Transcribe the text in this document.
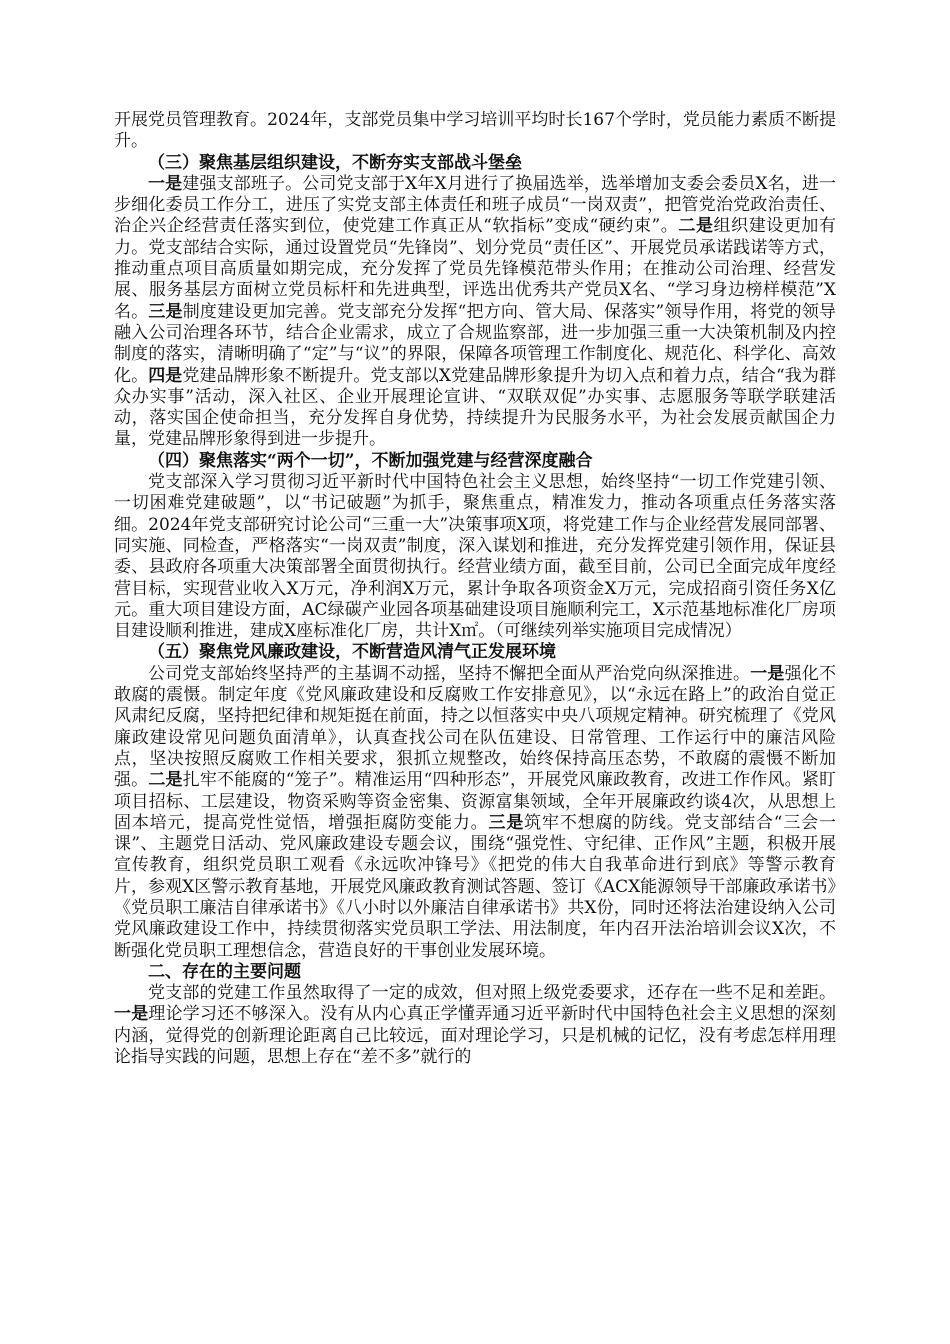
开展党员管理教育。2024年，支部党员集中学习培训平均时长167个学时，党员能力素质不断提升。

（三）聚焦基层组织建设，不断夯实支部战斗堡垒

一是建强支部班子。公司党支部于X年X月进行了换届选举，选举增加支委会委员X名，进一步细化委员工作分工，进压了实党支部主体责任和班子成员“一岗双责”，把管党治党政治责任、治企兴企经营责任落实到位，使党建工作真正从“软指标”变成“硬约束”。二是组织建设更加有力。党支部结合实际，通过设置党员“先锋岗”、划分党员“责任区”、开展党员承诺践诺等方式，推动重点项目高质量如期完成，充分发挥了党员先锋模范带头作用；在推动公司治理、经营发展、服务基层方面树立党员标杆和先进典型，评选出优秀共产党员X名、“学习身边榜样模范”X名。三是制度建设更加完善。党支部充分发挥“把方向、管大局、保落实”领导作用，将党的领导融入公司治理各环节，结合企业需求，成立了合规监察部，进一步加强三重一大决策机制及内控制度的落实，清晰明确了“定”与“议”的界限，保障各项管理工作制度化、规范化、科学化、高效化。四是党建品牌形象不断提升。党支部以X党建品牌形象提升为切入点和着力点，结合“我为群众办实事”活动，深入社区、企业开展理论宣讲、“双联双促”办实事、志愿服务等联学联建活动，落实国企使命担当，充分发挥自身优势，持续提升为民服务水平，为社会发展贡献国企力量，党建品牌形象得到进一步提升。

（四）聚焦落实“两个一切”，不断加强党建与经营深度融合

党支部深入学习贯彻习近平新时代中国特色社会主义思想，始终坚持“一切工作党建引领、一切困难党建破题”，以“书记破题”为抓手，聚焦重点，精准发力，推动各项重点任务落实落细。2024年党支部研究讨论公司“三重一大”决策事项X项，将党建工作与企业经营发展同部署、同实施、同检查，严格落实“一岗双责”制度，深入谋划和推进，充分发挥党建引领作用，保证县委、县政府各项重大决策部署全面贯彻执行。经营业绩方面，截至目前，公司已全面完成年度经营目标，实现营业收入X万元，净利润X万元，累计争取各项资金X万元，完成招商引资任务X亿元。重大项目建设方面，AC绿碳产业园各项基础建设项目施顺利完工，X示范基地标准化厂房项目建设顺利推进，建成X座标准化厂房，共计X㎡。（可继续列举实施项目完成情况）

（五）聚焦党风廉政建设，不断营造风清气正发展环境

公司党支部始终坚持严的主基调不动摇，坚持不懈把全面从严治党向纵深推进。一是强化不敢腐的震慑。制定年度《党风廉政建设和反腐败工作安排意见》，以“永远在路上”的政治自觉正风肃纪反腐，坚持把纪律和规矩挺在前面，持之以恒落实中央八项规定精神。研究梳理了《党风廉政建设常见问题负面清单》，认真查找公司在队伍建设、日常管理、工作运行中的廉洁风险点，坚决按照反腐败工作相关要求，狠抓立规整改，始终保持高压态势，不敢腐的震慑不断加强。二是扎牢不能腐的“笼子”。精准运用“四种形态”，开展党风廉政教育，改进工作作风。紧盯项目招标、工层建设，物资采购等资金密集、资源富集领域，全年开展廉政约谈4次，从思想上固本培元，提高党性觉悟，增强拒腐防变能力。三是筑牢不想腐的防线。党支部结合“三会一课”、主题党日活动、党风廉政建设专题会议，围绕“强党性、守纪律、正作风”主题，积极开展宣传教育，组织党员职工观看《永远吹冲锋号》《把党的伟大自我革命进行到底》等警示教育片，参观X区警示教育基地，开展党风廉政教育测试答题、签订《ACX能源领导干部廉政承诺书》《党员职工廉洁自律承诺书》《八小时以外廉洁自律承诺书》共X份，同时还将法治建设纳入公司党风廉政建设工作中，持续贯彻落实党员职工学法、用法制度，年内召开法治培训会议X次，不断强化党员职工理想信念，营造良好的干事创业发展环境。

二、存在的主要问题

党支部的党建工作虽然取得了一定的成效，但对照上级党委要求，还存在一些不足和差距。一是理论学习还不够深入。没有从内心真正学懂弄通习近平新时代中国特色社会主义思想的深刻内涵，觉得党的创新理论距离自己比较远，面对理论学习，只是机械的记忆，没有考虑怎样用理论指导实践的问题，思想上存在“差不多”就行的
